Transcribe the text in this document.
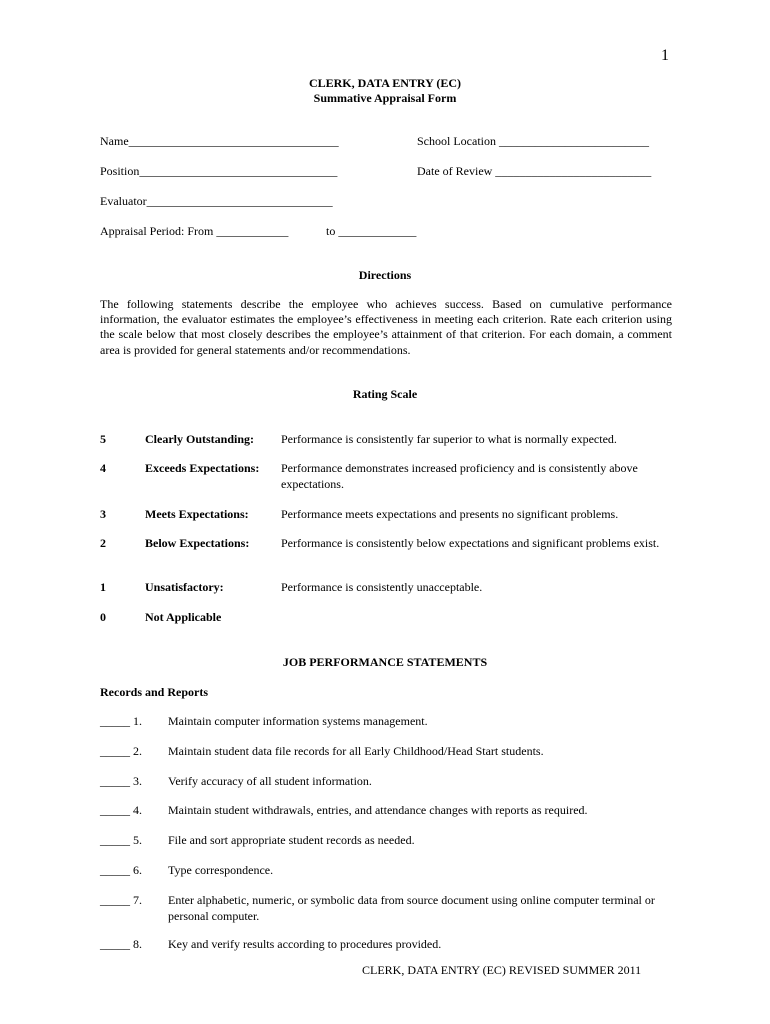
1
CLERK, DATA ENTRY (EC)
Summative Appraisal Form
Name___________________________________	School Location _________________________
Position_________________________________	Date of Review __________________________
Evaluator_______________________________
Appraisal Period: From ____________	to _____________
Directions
The following statements describe the employee who achieves success. Based on cumulative performance information, the evaluator estimates the employee’s effectiveness in meeting each criterion. Rate each criterion using the scale below that most closely describes the employee’s attainment of that criterion. For each domain, a comment area is provided for general statements and/or recommendations.
Rating Scale
5	Clearly Outstanding: Performance is consistently far superior to what is normally expected.
4	Exceeds Expectations: Performance demonstrates increased proficiency and is consistently above expectations.
3	Meets Expectations:	Performance meets expectations and presents no significant problems.
2	Below Expectations:	Performance is consistently below expectations and significant problems exist.
1	Unsatisfactory:	Performance is consistently unacceptable.
0	Not Applicable
JOB PERFORMANCE STATEMENTS
Records and Reports
_____ 1. Maintain computer information systems management.
_____ 2. Maintain student data file records for all Early Childhood/Head Start students.
_____ 3. Verify accuracy of all student information.
_____ 4. Maintain student withdrawals, entries, and attendance changes with reports as required.
_____ 5. File and sort appropriate student records as needed.
_____ 6. Type correspondence.
_____ 7. Enter alphabetic, numeric, or symbolic data from source document using online computer terminal or personal computer.
_____ 8. Key and verify results according to procedures provided.
CLERK, DATA ENTRY (EC) REVISED SUMMER 2011
